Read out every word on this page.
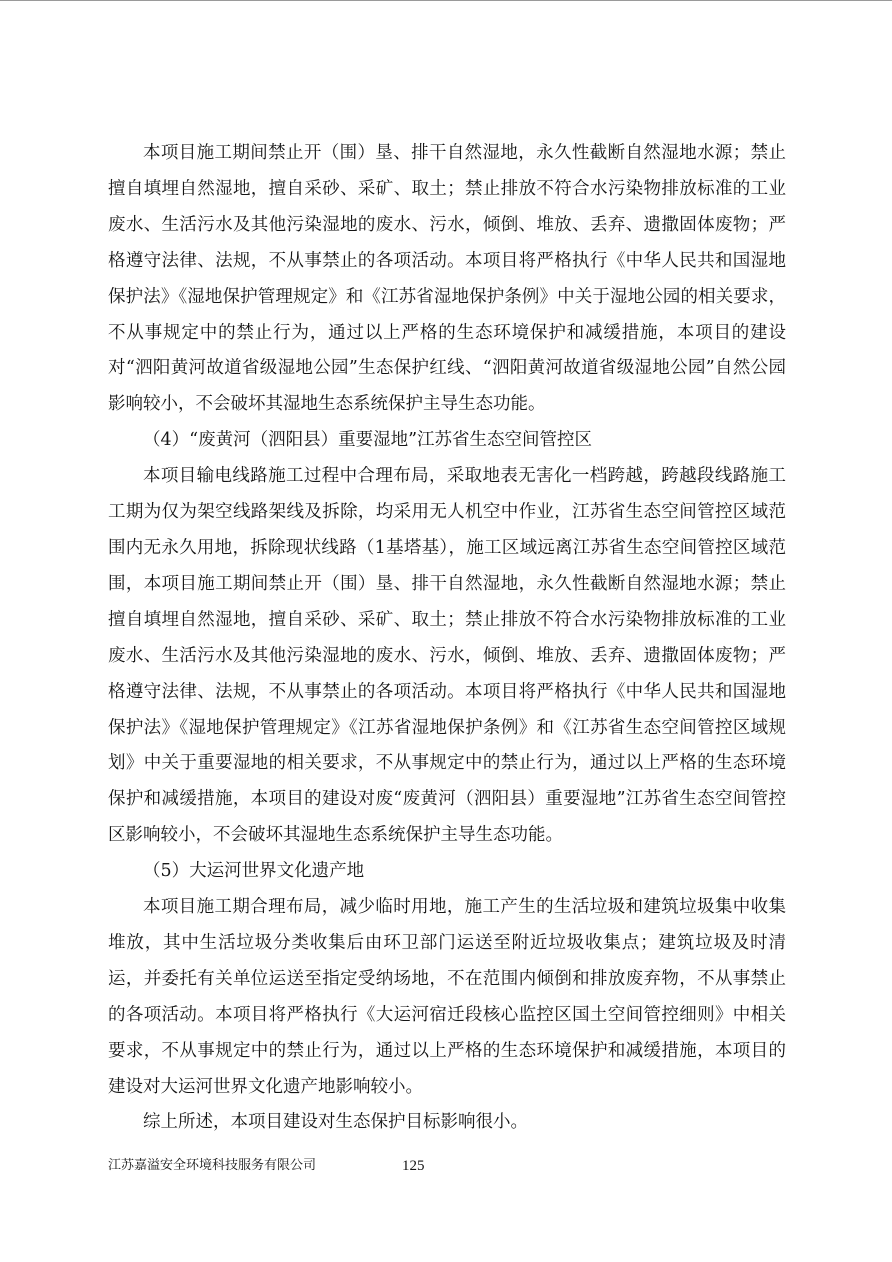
本项目施工期间禁止开（围）垦、排干自然湿地，永久性截断自然湿地水源；禁止擅自填埋自然湿地，擅自采砂、采矿、取土；禁止排放不符合水污染物排放标准的工业废水、生活污水及其他污染湿地的废水、污水，倾倒、堆放、丢弃、遗撒固体废物；严格遵守法律、法规，不从事禁止的各项活动。本项目将严格执行《中华人民共和国湿地保护法》《湿地保护管理规定》和《江苏省湿地保护条例》中关于湿地公园的相关要求，不从事规定中的禁止行为，通过以上严格的生态环境保护和减缓措施，本项目的建设对“泗阳黄河故道省级湿地公园”生态保护红线、“泗阳黄河故道省级湿地公园”自然公园影响较小，不会破坏其湿地生态系统保护主导生态功能。

（4）“废黄河（泗阳县）重要湿地”江苏省生态空间管控区

本项目输电线路施工过程中合理布局，采取地表无害化一档跨越，跨越段线路施工工期为仅为架空线路架线及拆除，均采用无人机空中作业，江苏省生态空间管控区域范围内无永久用地，拆除现状线路（1基塔基），施工区域远离江苏省生态空间管控区域范围，本项目施工期间禁止开（围）垦、排干自然湿地，永久性截断自然湿地水源；禁止擅自填埋自然湿地，擅自采砂、采矿、取土；禁止排放不符合水污染物排放标准的工业废水、生活污水及其他污染湿地的废水、污水，倾倒、堆放、丢弃、遗撒固体废物；严格遵守法律、法规，不从事禁止的各项活动。本项目将严格执行《中华人民共和国湿地保护法》《湿地保护管理规定》《江苏省湿地保护条例》和《江苏省生态空间管控区域规划》中关于重要湿地的相关要求，不从事规定中的禁止行为，通过以上严格的生态环境保护和减缓措施，本项目的建设对废“废黄河（泗阳县）重要湿地”江苏省生态空间管控区影响较小，不会破坏其湿地生态系统保护主导生态功能。

（5）大运河世界文化遗产地

本项目施工期合理布局，减少临时用地，施工产生的生活垃圾和建筑垃圾集中收集堆放，其中生活垃圾分类收集后由环卫部门运送至附近垃圾收集点；建筑垃圾及时清运，并委托有关单位运送至指定受纳场地，不在范围内倾倒和排放废弃物，不从事禁止的各项活动。本项目将严格执行《大运河宿迁段核心监控区国土空间管控细则》中相关要求，不从事规定中的禁止行为，通过以上严格的生态环境保护和减缓措施，本项目的建设对大运河世界文化遗产地影响较小。

综上所述，本项目建设对生态保护目标影响很小。

江苏嘉溢安全环境科技服务有限公司	125
